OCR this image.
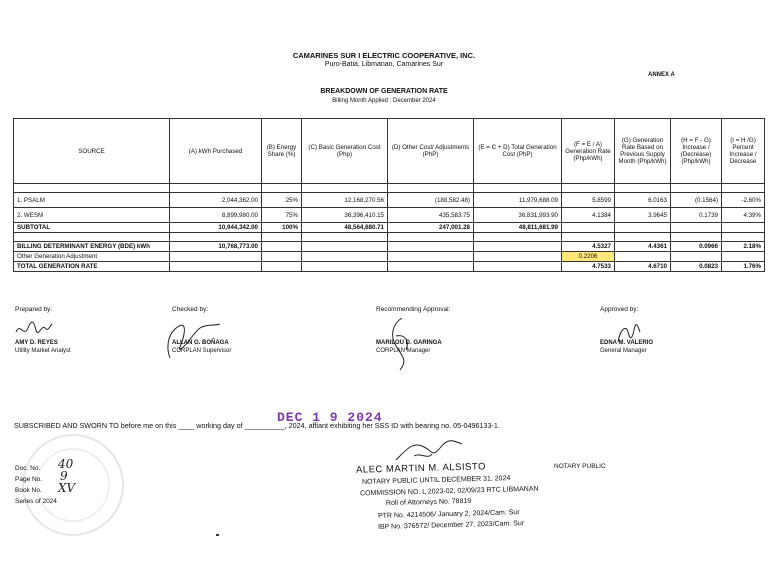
CAMARINES SUR I ELECTRIC COOPERATIVE, INC.
Puro-Batia, Libmanan, Camarines Sur
ANNEX A
BREAKDOWN OF GENERATION RATE
Billing Month Applied : December 2024
SOURCE	(A) kWh Purchased	(B) Energy Share (%)	(C) Basic Generation Cost (Php)	(D) Other Cost/ Adjustments (PhP)	(E = C + D) Total Generation Cost (PhP)	(F = E / A) Generation Rate (Php/kWh)	(G) Generation Rate Based on Previous Supply Month (Php/kWh)	(H = F - G) Increase / (Decrease) (Php/kWh)	(I = H /G) Percent Increase / Decrease

1. PSALM	2,044,362.00	25%	12,168,270.56	(188,582.48)	11,979,688.09	5.8599	6.0163	(0.1564)	-2.60%
2. WESM	8,899,980.00	75%	36,396,410.15	435,583.75	36,831,993.90	4.1384	3.9645	0.1739	4.39%
SUBTOTAL	10,944,342.00	100%	48,564,680.71	247,001.28	48,811,681.99				

BILLING DETERMINANT ENERGY (BDE) kWh	10,768,773.00					4.5327	4.4361	0.0966	2.18%
Other Generation Adjustment						0.2206			
TOTAL GENERATION RATE						4.7533	4.6710	0.0823	1.76%
Prepared by:
AMY D. REYES
Utility Market Analyst
Checked by:
ALLAN G. BOÑAGA
CORPLAN Supervisor
Recommending Approval:
MARILOU D. GARINGA
CORPLAN Manager
Approved by:
EDNA M. VALERIO
General Manager
SUBSCRIBED AND SWORN TO before me on this ____ working day of __________, 2024, affiant exhibiting her SSS ID with bearing no. 05-0496133-1.
DEC 1 9 2024
ALEC MARTIN M. ALSISTO
NOTARY PUBLIC UNTIL DECEMBER 31, 2024
COMMISSION NO. L 2023-02, 02/09/23 RTC LIBMANAN
Roll of Attorneys No. 78819
PTR No. 4214506/ January 2, 2024/Cam. Sur
IBP No. 376572/ December 27, 2023/Cam. Sur
NOTARY PUBLIC
Doc. No. 40
Page No. 9
Book No. XV
Series of 2024
